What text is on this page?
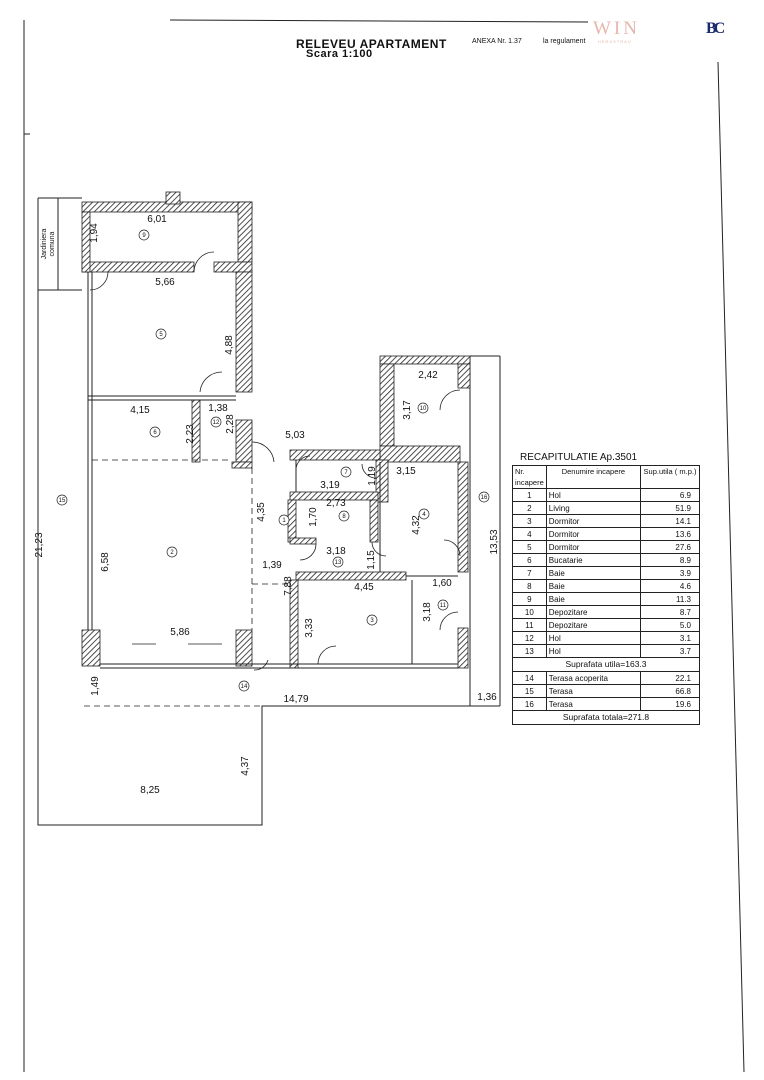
RELEVEU APARTAMENT
Scara 1:100
ANEXA Nr. 1.37	la regulament
WIN
HERASTRAU
BC
1
2
3
4
5
6
7
8
9
10
11
12
13
14
15	16
6,01
5,66
4,15	1,38
5,03
2,42
3,19
3,15
2,73
3,18
1,39
4,45	1,60
5,86
14,79	1,36
8,25
1,94
4,88
2,23
2,28
3,17
1,19
1,70
4,35
4,32
1,15
7,88
3,18
3,33
6,58
21,23	13,53
1,49
4,37
Jardiniera comuna
RECAPITULATIE Ap.3501
Nr. incapere	Denumire incapere	Sup.utila ( m.p.)
1	Hol	6.9
2	Living	51.9
3	Dormitor	14.1
4	Dormitor	13.6
5	Dormitor	27.6
6	Bucatarie	8.9
7	Baie	3.9
8	Baie	4.6
9	Baie	11.3
10	Depozitare	8.7
11	Depozitare	5.0
12	Hol	3.1
13	Hol	3.7
Suprafata utila=163.3		
14	Terasa acoperita	22.1
15	Terasa	66.8
16	Terasa	19.6
Suprafata totala=271.8		
